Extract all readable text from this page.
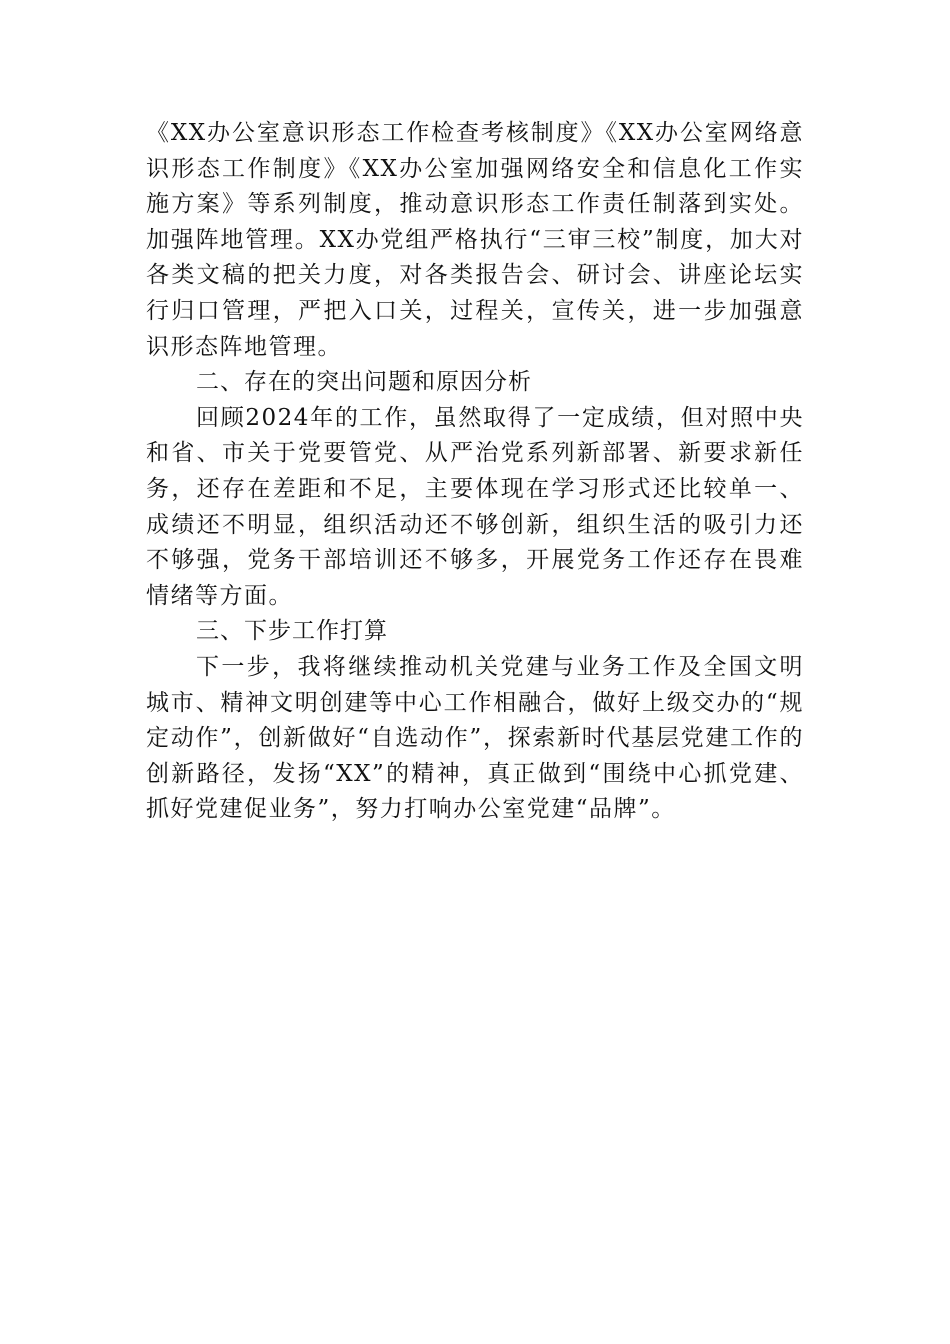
《XX办公室意识形态工作检查考核制度》《XX办公室网络意识形态工作制度》《XX办公室加强网络安全和信息化工作实施方案》等系列制度，推动意识形态工作责任制落到实处。加强阵地管理。XX办党组严格执行“三审三校”制度，加大对各类文稿的把关力度，对各类报告会、研讨会、讲座论坛实行归口管理，严把入口关，过程关，宣传关，进一步加强意识形态阵地管理。

二、存在的突出问题和原因分析

回顾2024年的工作，虽然取得了一定成绩，但对照中央和省、市关于党要管党、从严治党系列新部署、新要求新任务，还存在差距和不足，主要体现在学习形式还比较单一、成绩还不明显，组织活动还不够创新，组织生活的吸引力还不够强，党务干部培训还不够多，开展党务工作还存在畏难情绪等方面。

三、下步工作打算

下一步，我将继续推动机关党建与业务工作及全国文明城市、精神文明创建等中心工作相融合，做好上级交办的“规定动作”，创新做好“自选动作”，探索新时代基层党建工作的创新路径，发扬“XX”的精神，真正做到“围绕中心抓党建、抓好党建促业务”，努力打响办公室党建“品牌”。
